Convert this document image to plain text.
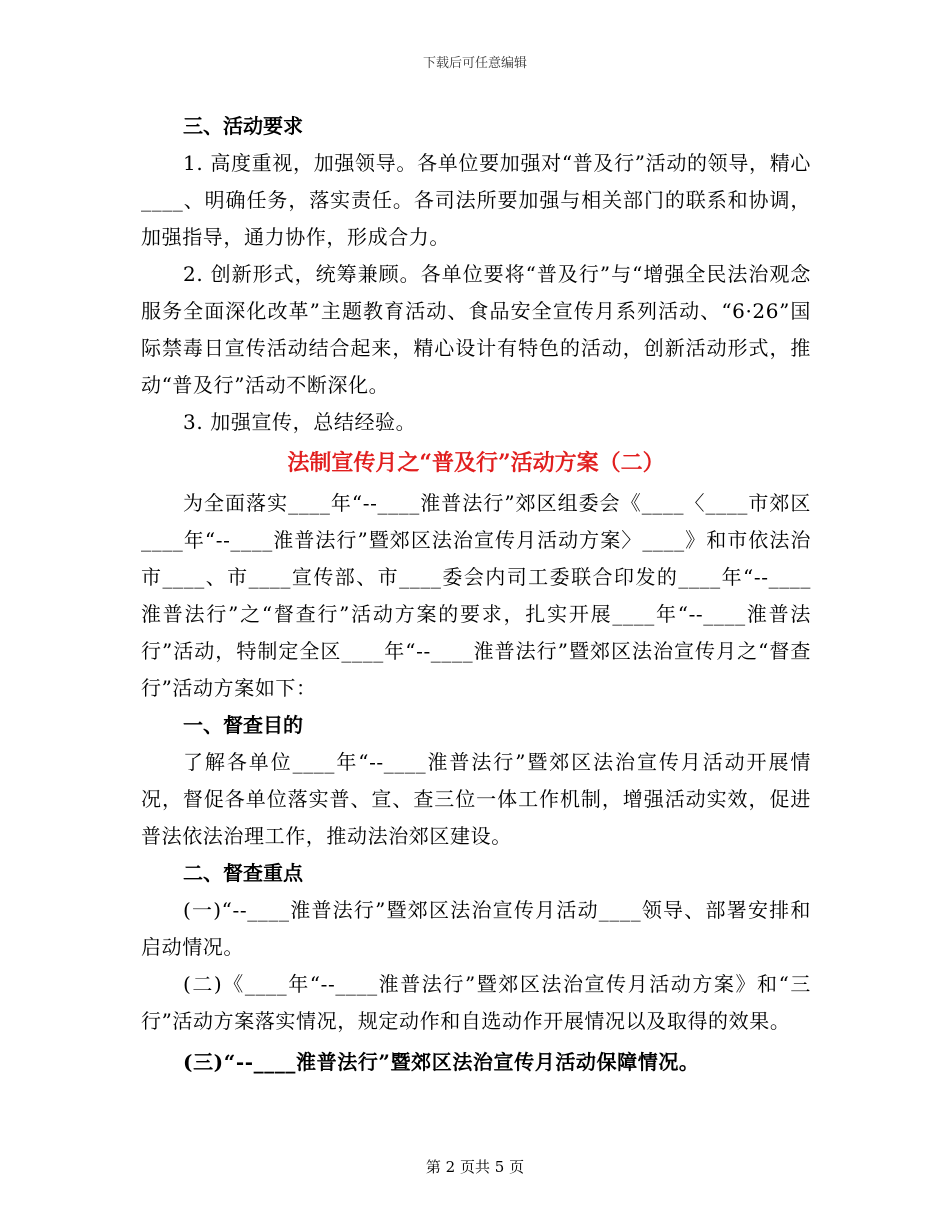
下载后可任意编辑

三、活动要求

1. 高度重视，加强领导。各单位要加强对“普及行”活动的领导，精心____、明确任务，落实责任。各司法所要加强与相关部门的联系和协调，加强指导，通力协作，形成合力。

2. 创新形式，统筹兼顾。各单位要将“普及行”与“增强全民法治观念服务全面深化改革”主题教育活动、食品安全宣传月系列活动、“6·26”国际禁毒日宣传活动结合起来，精心设计有特色的活动，创新活动形式，推动“普及行”活动不断深化。

3. 加强宣传，总结经验。

法制宣传月之“普及行”活动方案（二）

为全面落实____年“--____淮普法行”郊区组委会《____〈____市郊区____年“--____淮普法行”暨郊区法治宣传月活动方案〉____》和市依法治市____、市____宣传部、市____委会内司工委联合印发的____年“--____淮普法行”之“督查行”活动方案的要求，扎实开展____年“--____淮普法行”活动，特制定全区____年“--____淮普法行”暨郊区法治宣传月之“督查行”活动方案如下：

一、督查目的

了解各单位____年“--____淮普法行”暨郊区法治宣传月活动开展情况，督促各单位落实普、宣、查三位一体工作机制，增强活动实效，促进普法依法治理工作，推动法治郊区建设。

二、督查重点

(一)“--____淮普法行”暨郊区法治宣传月活动____领导、部署安排和启动情况。

(二)《____年“--____淮普法行”暨郊区法治宣传月活动方案》和“三行”活动方案落实情况，规定动作和自选动作开展情况以及取得的效果。

(三)“--____淮普法行”暨郊区法治宣传月活动保障情况。

第 2 页共 5 页
